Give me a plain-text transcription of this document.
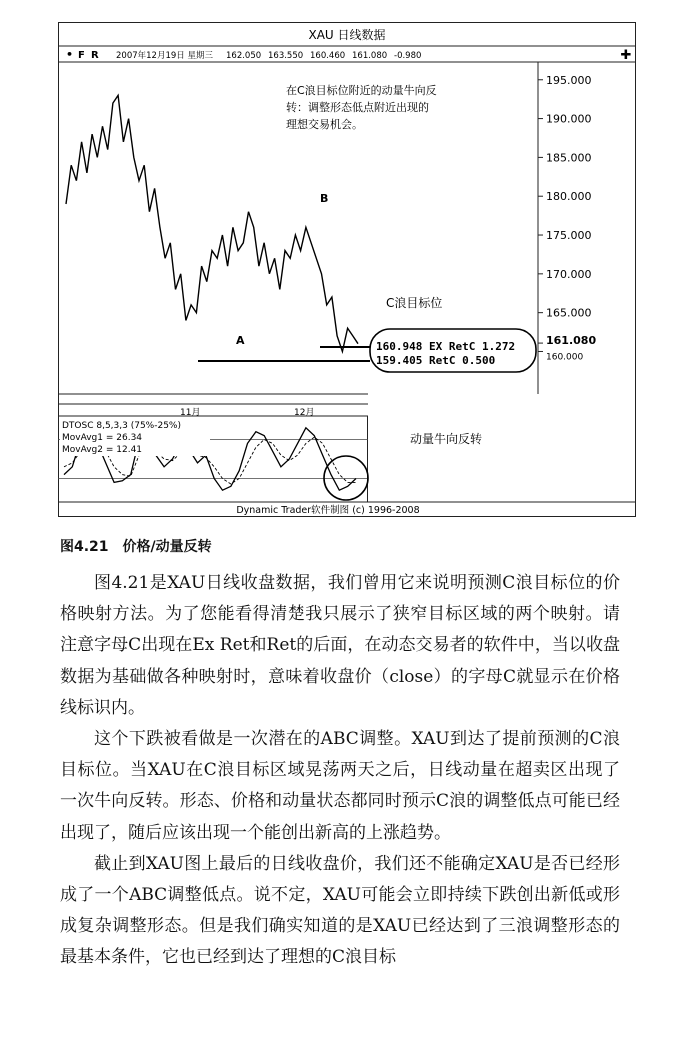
XAU 日线数据
• F R 2007年12月19日 星期三 162.050 163.550 160.460 161.080 -0.980	✚
195.000
190.000
185.000
180.000
175.000
170.000
165.000
161.080
160.000
160.948 EX RetC 1.272
159.405 RetC 0.500
在C浪目标位附近的动量牛向反
转：调整形态低点附近出现的
理想交易机会。
A
B
C浪目标位
11月	12月
DTOSC 8,5,3,3 (75%-25%)
MovAvg1 = 26.34
MovAvg2 = 12.41
动量牛向反转
Dynamic Trader软件制图 (c) 1996-2008
图4.21 价格/动量反转

图4.21是XAU日线收盘数据，我们曾用它来说明预测C浪目标位的价格映射方法。为了您能看得清楚我只展示了狭窄目标区域的两个映射。请注意字母C出现在Ex Ret和Ret的后面，在动态交易者的软件中，当以收盘数据为基础做各种映射时，意味着收盘价（close）的字母C就显示在价格线标识内。

这个下跌被看做是一次潜在的ABC调整。XAU到达了提前预测的C浪目标位。当XAU在C浪目标区域晃荡两天之后，日线动量在超卖区出现了一次牛向反转。形态、价格和动量状态都同时预示C浪的调整低点可能已经出现了，随后应该出现一个能创出新高的上涨趋势。

截止到XAU图上最后的日线收盘价，我们还不能确定XAU是否已经形成了一个ABC调整低点。说不定，XAU可能会立即持续下跌创出新低或形成复杂调整形态。但是我们确实知道的是XAU已经达到了三浪调整形态的最基本条件，它也已经到达了理想的C浪目标
